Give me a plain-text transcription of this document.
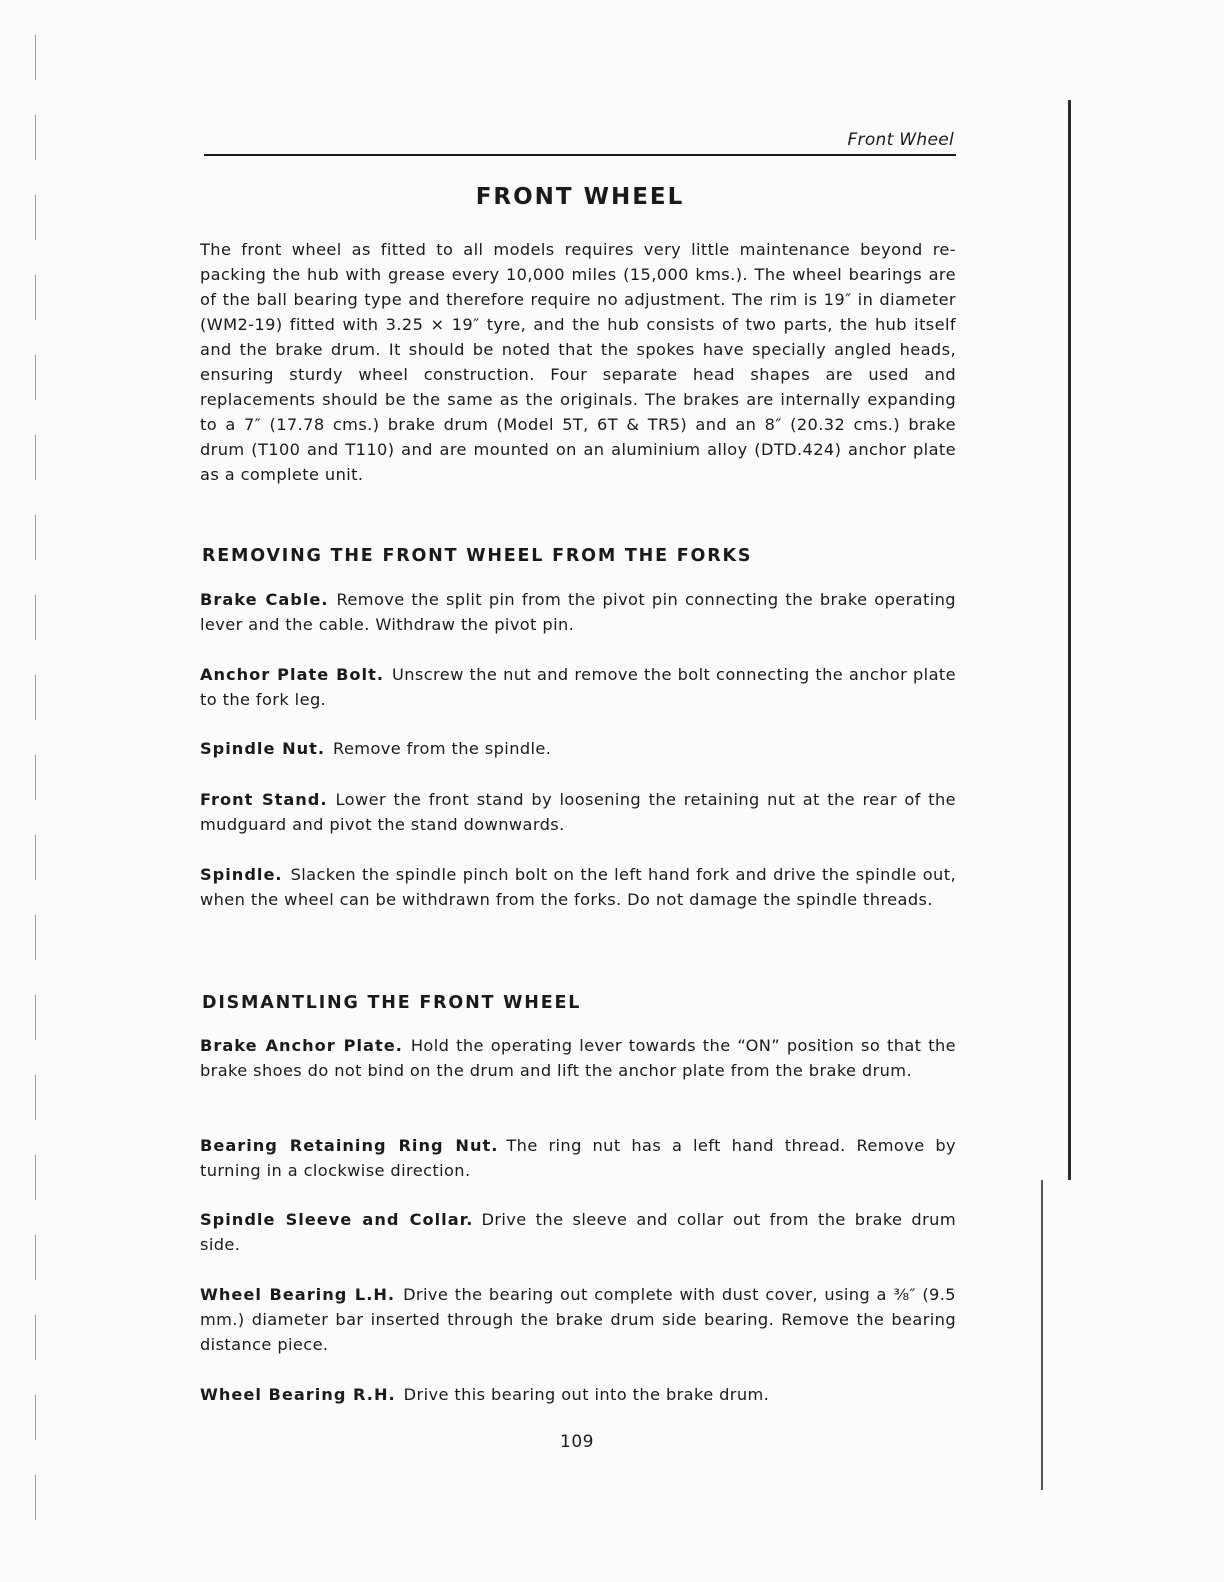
Front Wheel
FRONT WHEEL

The front wheel as fitted to all models requires very little maintenance beyond re-packing the hub with grease every 10,000 miles (15,000 kms.). The wheel bearings are of the ball bearing type and therefore require no adjustment. The rim is 19″ in diameter (WM2-19) fitted with 3.25 × 19″ tyre, and the hub consists of two parts, the hub itself and the brake drum. It should be noted that the spokes have specially angled heads, ensuring sturdy wheel construction. Four separate head shapes are used and replacements should be the same as the originals. The brakes are internally expanding to a 7″ (17.78 cms.) brake drum (Model 5T, 6T & TR5) and an 8″ (20.32 cms.) brake drum (T100 and T110) and are mounted on an aluminium alloy (DTD.424) anchor plate as a complete unit.

REMOVING THE FRONT WHEEL FROM THE FORKS
Brake Cable. Remove the split pin from the pivot pin connecting the brake operating lever and the cable. Withdraw the pivot pin.
Anchor Plate Bolt. Unscrew the nut and remove the bolt connecting the anchor plate to the fork leg.
Spindle Nut. Remove from the spindle.
Front Stand. Lower the front stand by loosening the retaining nut at the rear of the mudguard and pivot the stand downwards.
Spindle. Slacken the spindle pinch bolt on the left hand fork and drive the spindle out, when the wheel can be withdrawn from the forks. Do not damage the spindle threads.
DISMANTLING THE FRONT WHEEL
Brake Anchor Plate. Hold the operating lever towards the “ON” position so that the brake shoes do not bind on the drum and lift the anchor plate from the brake drum.
Bearing Retaining Ring Nut. The ring nut has a left hand thread. Remove by turning in a clockwise direction.
Spindle Sleeve and Collar. Drive the sleeve and collar out from the brake drum side.
Wheel Bearing L.H. Drive the bearing out complete with dust cover, using a ⅜″ (9.5 mm.) diameter bar inserted through the brake drum side bearing. Remove the bearing distance piece.
Wheel Bearing R.H. Drive this bearing out into the brake drum.
109
